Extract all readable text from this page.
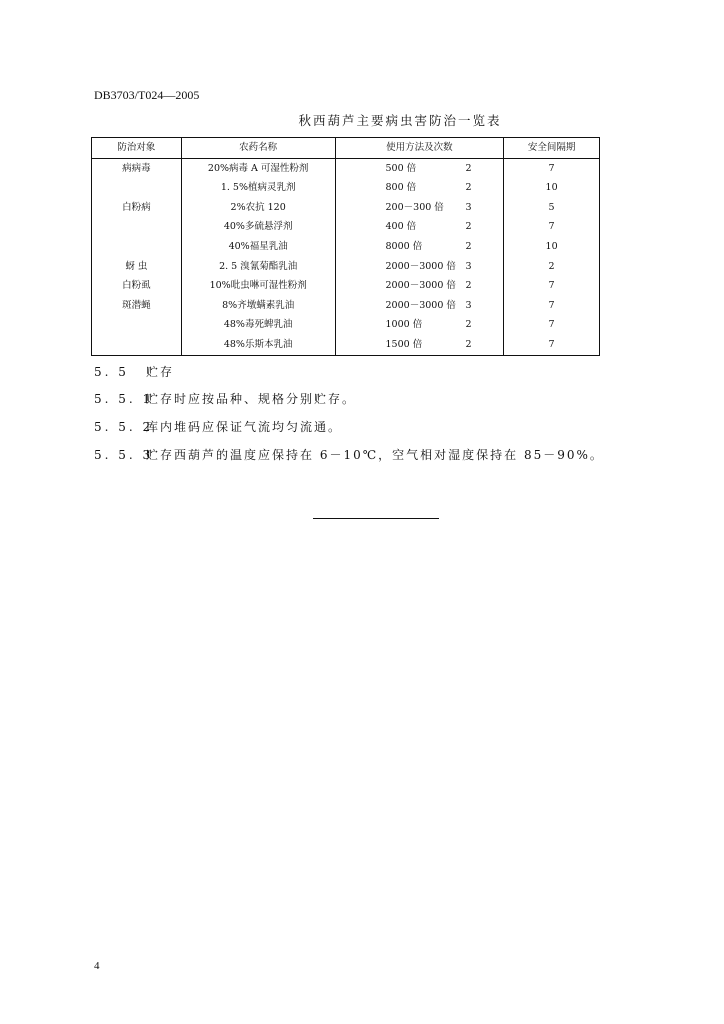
DB3703/T024—2005
秋西葫芦主要病虫害防治一览表
防治对象	农药名称	使用方法及次数	安全间隔期
病病毒	20%病毒 A 可湿性粉剂	500 倍 2	7
	1. 5%植病灵乳剂	800 倍 2	10
白粉病	2%农抗 120	200－300 倍 3	5
	40%多硫悬浮剂	400 倍 2	7
	40%福星乳油	8000 倍 2	10
蚜 虫	2. 5 溴氰菊酯乳油	2000－3000 倍 3	2
白粉虱	10%吡虫啉可湿性粉剂	2000－3000 倍 2	7
斑潜蝇	8%齐墩螨素乳油	2000－3000 倍 3	7
	48%毒死蜱乳油	1000 倍 2	7
	48%乐斯本乳油	1500 倍 2	7
5. 5 贮存
5. 5. 1贮存时应按品种、规格分别贮存。
5. 5. 2库内堆码应保证气流均匀流通。
5. 5. 3贮存西葫芦的温度应保持在 6－10℃，空气相对湿度保持在 85－90%。
4
